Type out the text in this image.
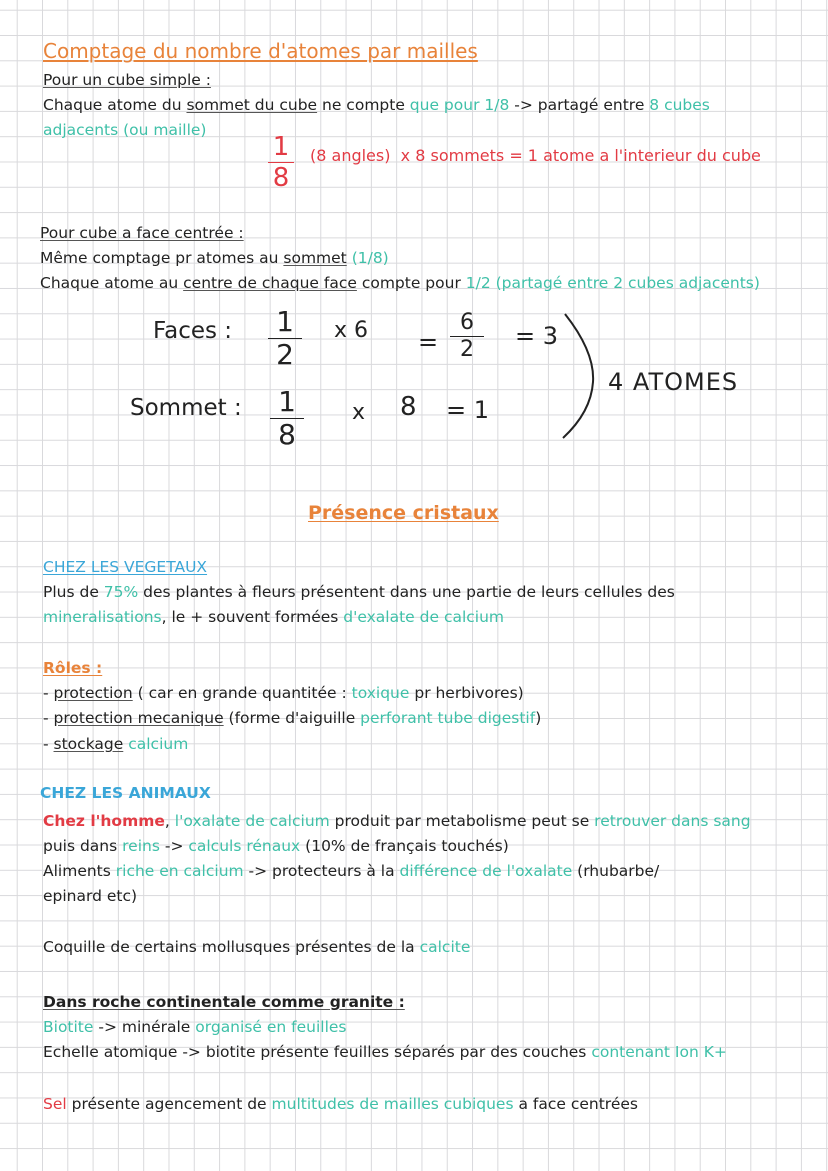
Comptage du nombre d'atomes par mailles
Pour un cube simple :
Chaque atome du sommet du cube ne compte que pour 1/8 -> partagé entre 8 cubes
adjacents (ou maille)
1
8
(8 angles) x 8 sommets = 1 atome a l'interieur du cube
Pour cube a face centrée :
Même comptage pr atomes au sommet (1/8)
Chaque atome au centre de chaque face compte pour 1/2 (partagé entre 2 cubes adjacents)
Faces : 1
2
x 6 =
6
2	= 3
Sommet : 1
8
x 8 = 1
4 ATOMES
Présence cristaux
CHEZ LES VEGETAUX
Plus de 75% des plantes à fleurs présentent dans une partie de leurs cellules des
mineralisations, le + souvent formées d'exalate de calcium
Rôles :
- protection ( car en grande quantitée : toxique pr herbivores)
- protection mecanique (forme d'aiguille perforant tube digestif)
- stockage calcium
CHEZ LES ANIMAUX
Chez l'homme, l'oxalate de calcium produit par metabolisme peut se retrouver dans sang
puis dans reins -> calculs rénaux (10% de français touchés)
Aliments riche en calcium -> protecteurs à la différence de l'oxalate (rhubarbe/
epinard etc)
Coquille de certains mollusques présentes de la calcite
Dans roche continentale comme granite :
Biotite -> minérale organisé en feuilles
Echelle atomique -> biotite présente feuilles séparés par des couches contenant Ion K+
Sel présente agencement de multitudes de mailles cubiques a face centrées
